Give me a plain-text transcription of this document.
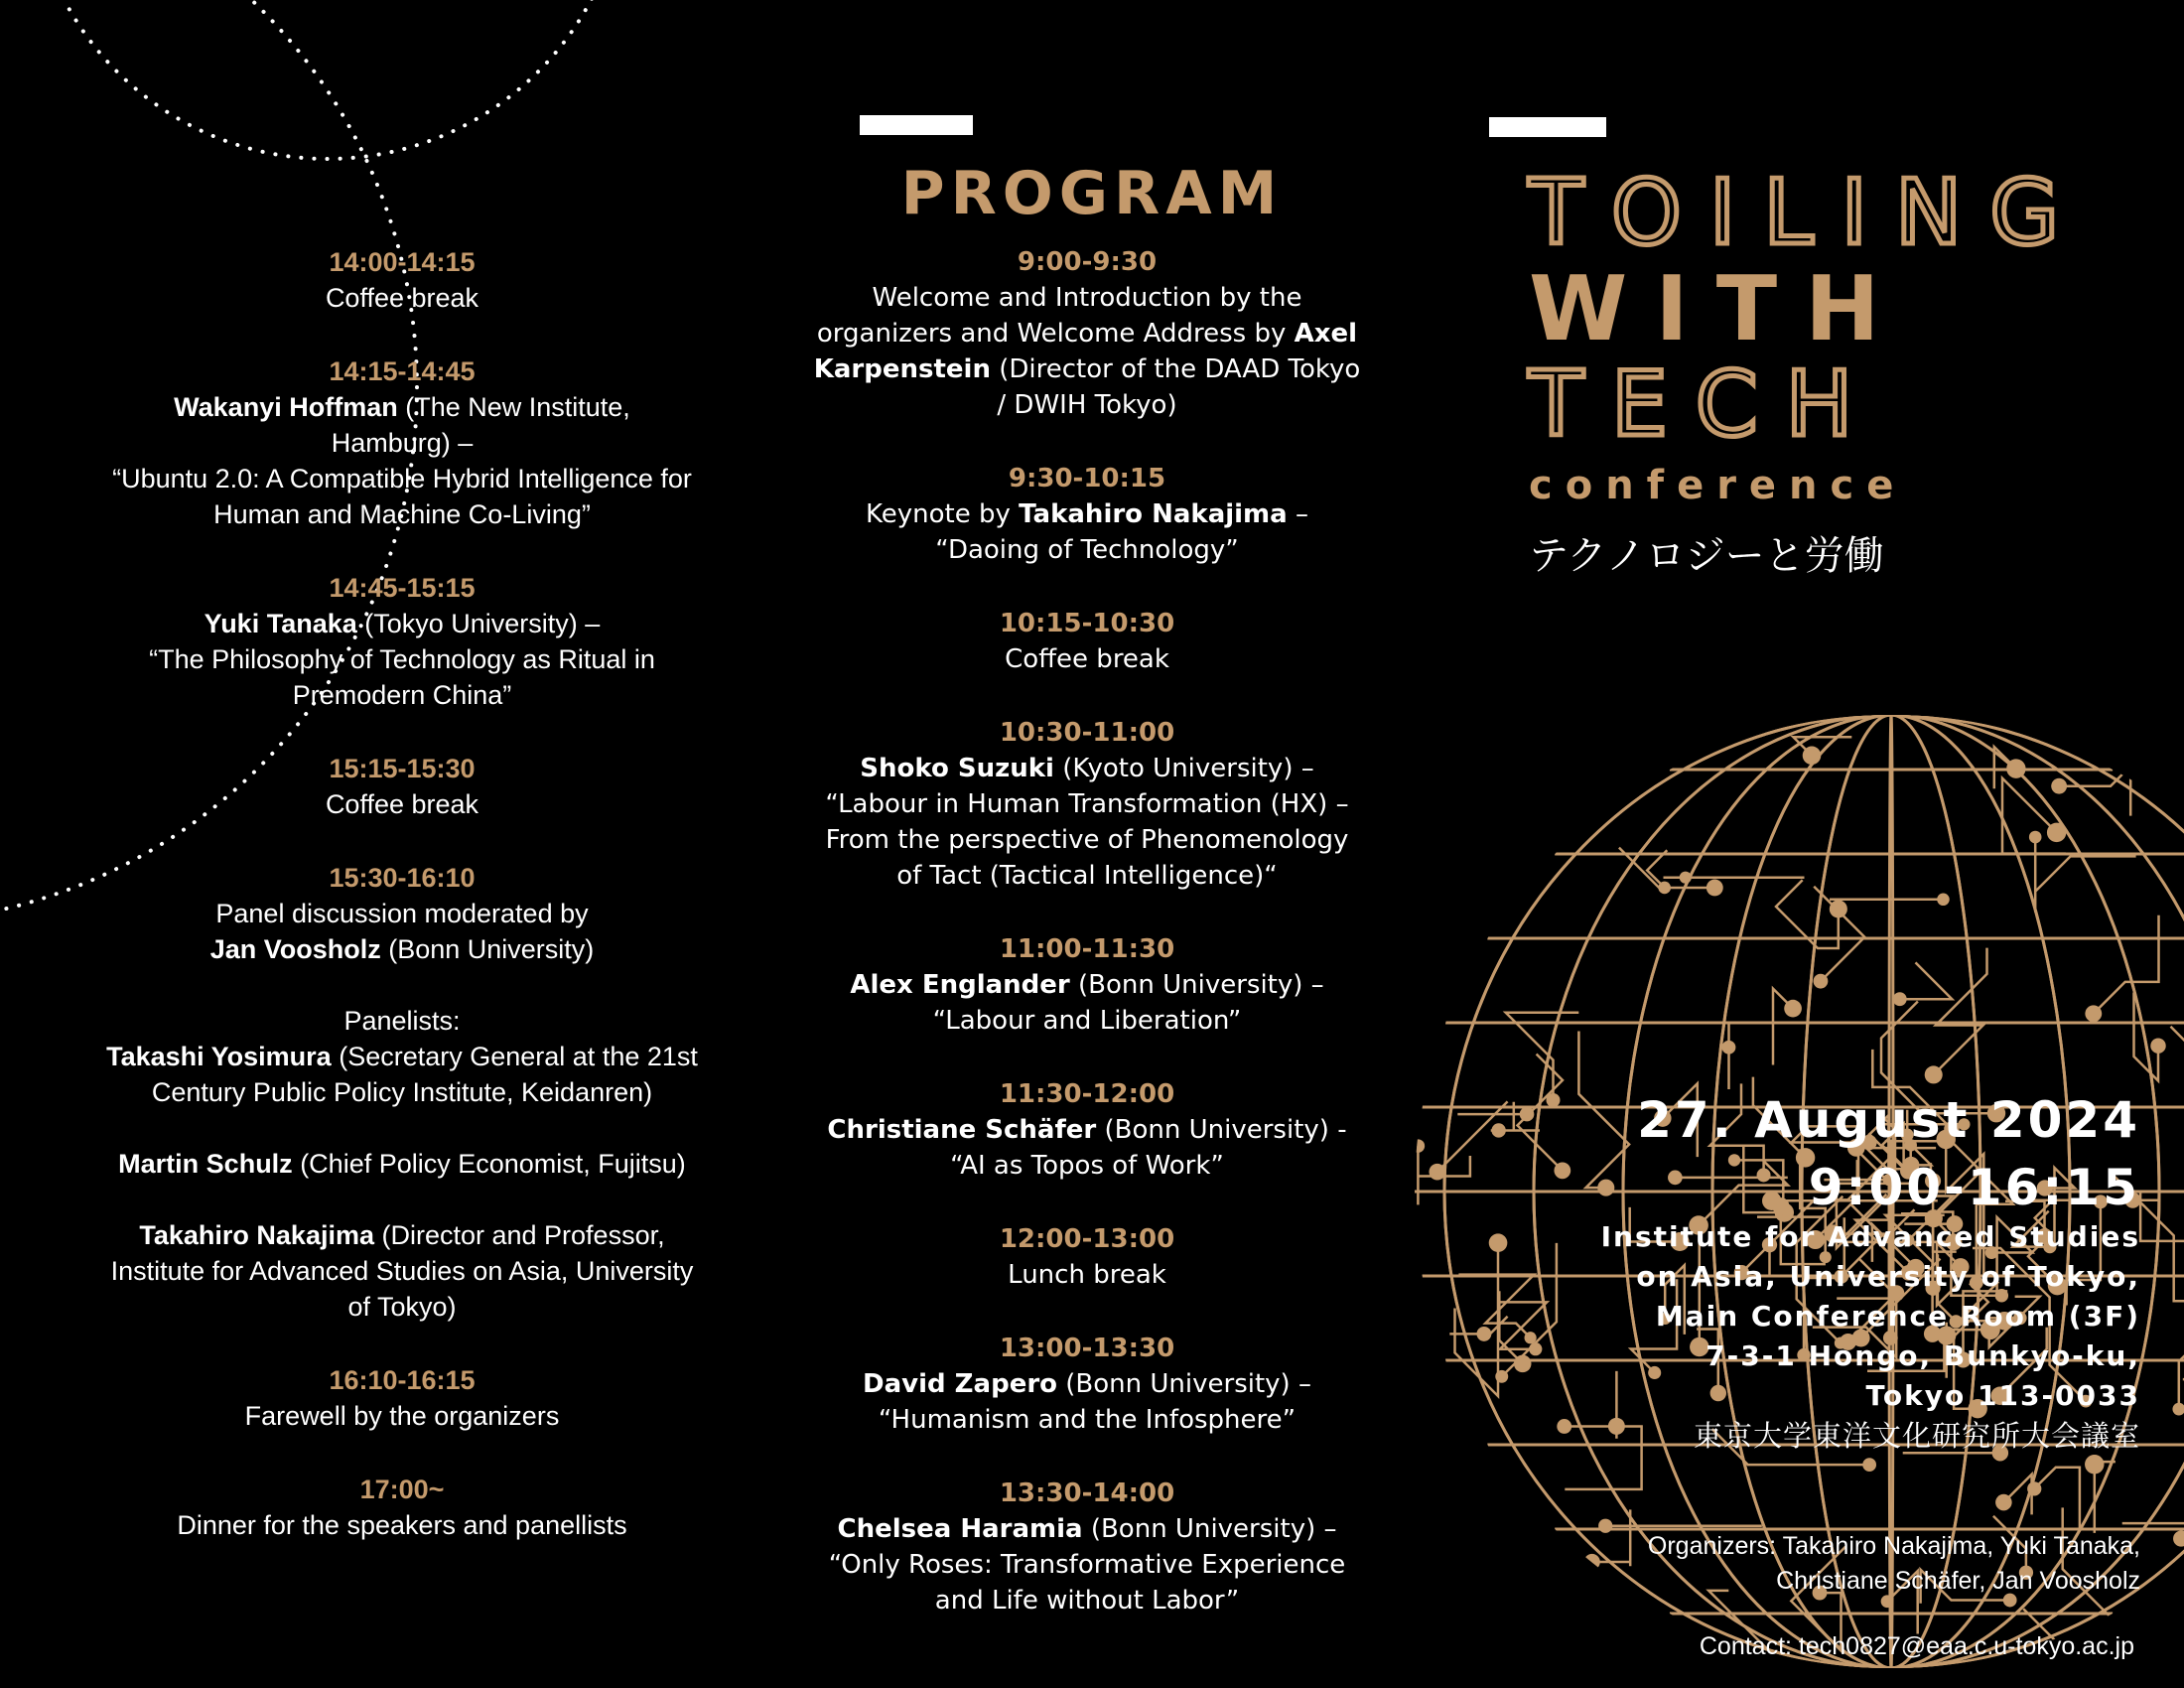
PROGRAM
9:00-9:30
Welcome and Introduction by the
organizers and Welcome Address by Axel
Karpenstein (Director of the DAAD Tokyo
/ DWIH Tokyo)
9:30-10:15
Keynote by Takahiro Nakajima –
“Daoing of Technology”
10:15-10:30
Coffee break
10:30-11:00
Shoko Suzuki (Kyoto University) –
“Labour in Human Transformation (HX) –
From the perspective of Phenomenology
of Tact (Tactical Intelligence)“
11:00-11:30
Alex Englander (Bonn University) –
“Labour and Liberation”
11:30-12:00
Christiane Schäfer (Bonn University) -
“AI as Topos of Work”
12:00-13:00
Lunch break
13:00-13:30
David Zapero (Bonn University) –
“Humanism and the Infosphere”
13:30-14:00
Chelsea Haramia (Bonn University) –
“Only Roses: Transformative Experience
and Life without Labor”
14:00-14:15
Coffee break
14:15-14:45
Wakanyi Hoffman (The New Institute,
Hamburg) –
“Ubuntu 2.0: A Compatible Hybrid Intelligence for
Human and Machine Co-Living”
14:45-15:15
Yuki Tanaka (Tokyo University) –
“The Philosophy of Technology as Ritual in
Premodern China”
15:15-15:30
Coffee break
15:30-16:10
Panel discussion moderated by
Jan Voosholz (Bonn University)
Panelists:
Takashi Yosimura (Secretary General at the 21st
Century Public Policy Institute, Keidanren)
Martin Schulz (Chief Policy Economist, Fujitsu)
Takahiro Nakajima (Director and Professor,
Institute for Advanced Studies on Asia, University
of Tokyo)
16:10-16:15
Farewell by the organizers
17:00~
Dinner for the speakers and panellists
TOILING
WITH
TECH
conference
テクノロジーと労働
27. August 2024
9:00-16:15
Institute for Advanced Studies
on Asia, University of Tokyo,
Main Conference Room (3F)
7-3-1 Hongo, Bunkyo-ku,
Tokyo 113-0033
東京大学東洋文化研究所大会議室
Organizers: Takahiro Nakajima, Yuki Tanaka,
Christiane Schäfer, Jan Voosholz
Contact: tech0827@eaa.c.u-tokyo.ac.jp
